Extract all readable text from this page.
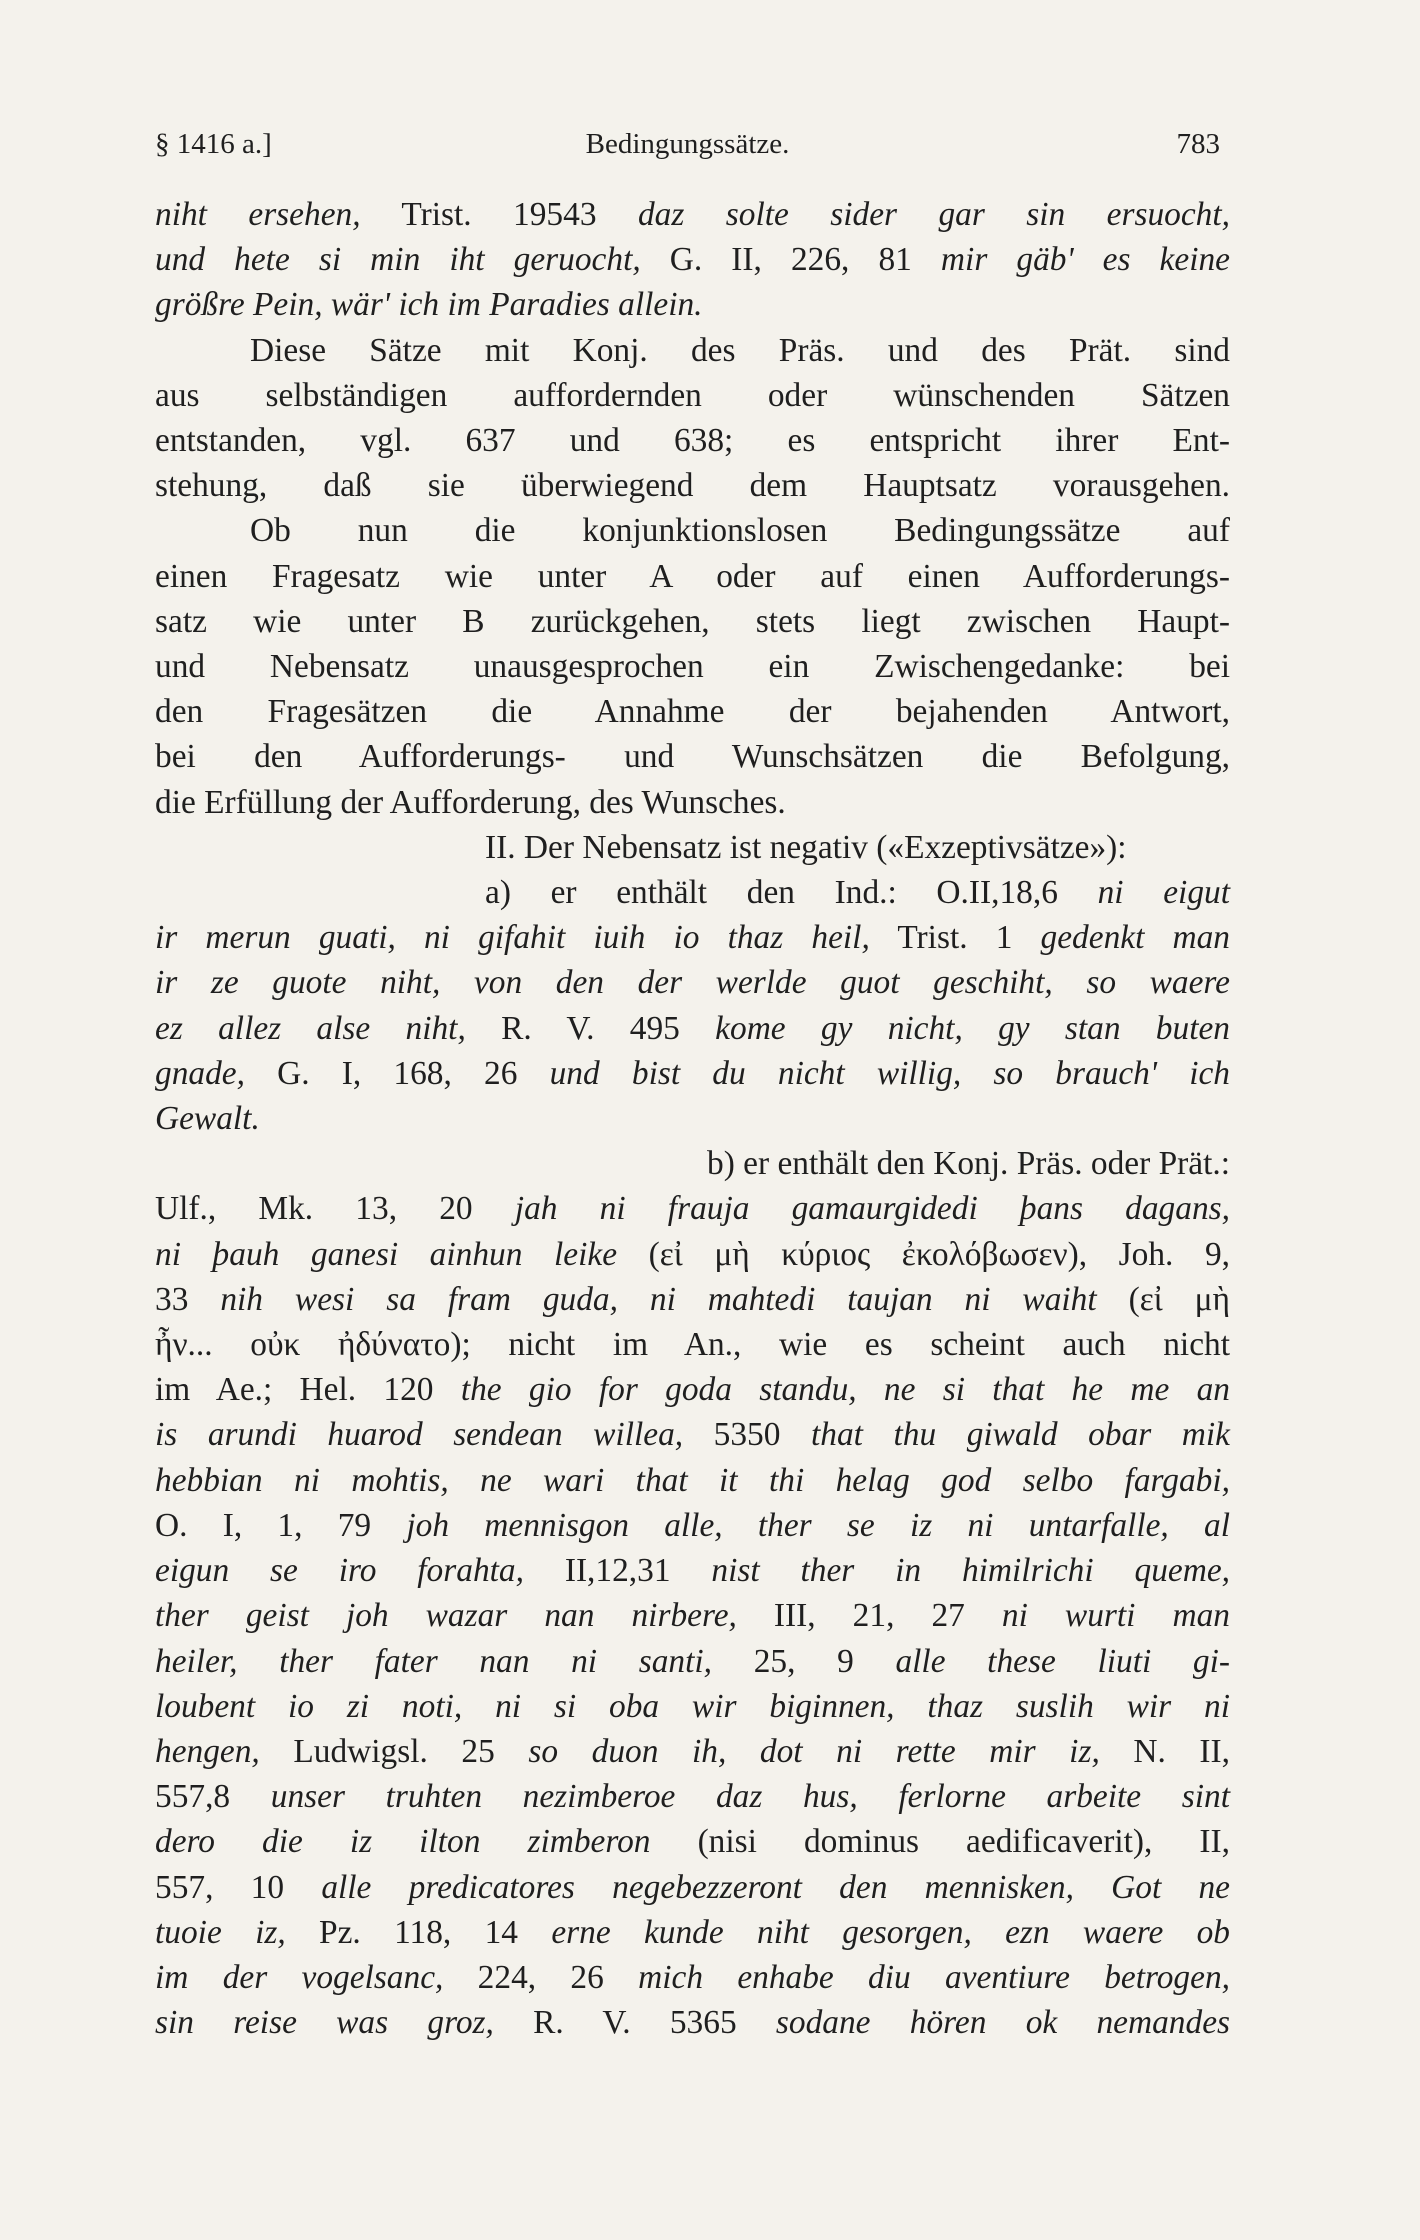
§ 1416 a.]	Bedingungssätze.	783

niht ersehen, Trist. 19543 daz solte sider gar sin ersuocht,

und hete si min iht geruocht, G. II, 226, 81 mir gäb' es keine

größre Pein, wär' ich im Paradies allein.

Diese Sätze mit Konj. des Präs. und des Prät. sind

aus selbständigen auffordernden oder wünschenden Sätzen

entstanden, vgl. 637 und 638; es entspricht ihrer Ent-

stehung, daß sie überwiegend dem Hauptsatz vorausgehen.

Ob nun die konjunktionslosen Bedingungssätze auf

einen Fragesatz wie unter A oder auf einen Aufforderungs-

satz wie unter B zurückgehen, stets liegt zwischen Haupt-

und Nebensatz unausgesprochen ein Zwischengedanke: bei

den Fragesätzen die Annahme der bejahenden Antwort,

bei den Aufforderungs- und Wunschsätzen die Befolgung,

die Erfüllung der Aufforderung, des Wunsches.

II. Der Nebensatz ist negativ («Exzeptivsätze»):

a) er enthält den Ind.: O.II,18,6 ni eigut

ir merun guati, ni gifahit iuih io thaz heil, Trist. 1 gedenkt man

ir ze guote niht, von den der werlde guot geschiht, so waere

ez allez alse niht, R. V. 495 kome gy nicht, gy stan buten

gnade, G. I, 168, 26 und bist du nicht willig, so brauch' ich

Gewalt.

b) er enthält den Konj. Präs. oder Prät.:

Ulf., Mk. 13, 20 jah ni frauja gamaurgidedi þans dagans,

ni þauh ganesi ainhun leike (εἰ μὴ κύριος ἐκολόβωσεν), Joh. 9,

33 nih wesi sa fram guda, ni mahtedi taujan ni waiht (εἰ μὴ

ἦν... οὐκ ἠδύνατο); nicht im An., wie es scheint auch nicht

im Ae.; Hel. 120 the gio for goda standu, ne si that he me an

is arundi huarod sendean willea, 5350 that thu giwald obar mik

hebbian ni mohtis, ne wari that it thi helag god selbo fargabi,

O. I, 1, 79 joh mennisgon alle, ther se iz ni untarfalle, al

eigun se iro forahta, II,12,31 nist ther in himilrichi queme,

ther geist joh wazar nan nirbere, III, 21, 27 ni wurti man

heiler, ther fater nan ni santi, 25, 9 alle these liuti gi-

loubent io zi noti, ni si oba wir biginnen, thaz suslih wir ni

hengen, Ludwigsl. 25 so duon ih, dot ni rette mir iz, N. II,

557,8 unser truhten nezimberoe daz hus, ferlorne arbeite sint

dero die iz ilton zimberon (nisi dominus aedificaverit), II,

557, 10 alle predicatores negebezzeront den mennisken, Got ne

tuoie iz, Pz. 118, 14 erne kunde niht gesorgen, ezn waere ob

im der vogelsanc, 224, 26 mich enhabe diu aventiure betrogen,

sin reise was groz, R. V. 5365 sodane hören ok nemandes
